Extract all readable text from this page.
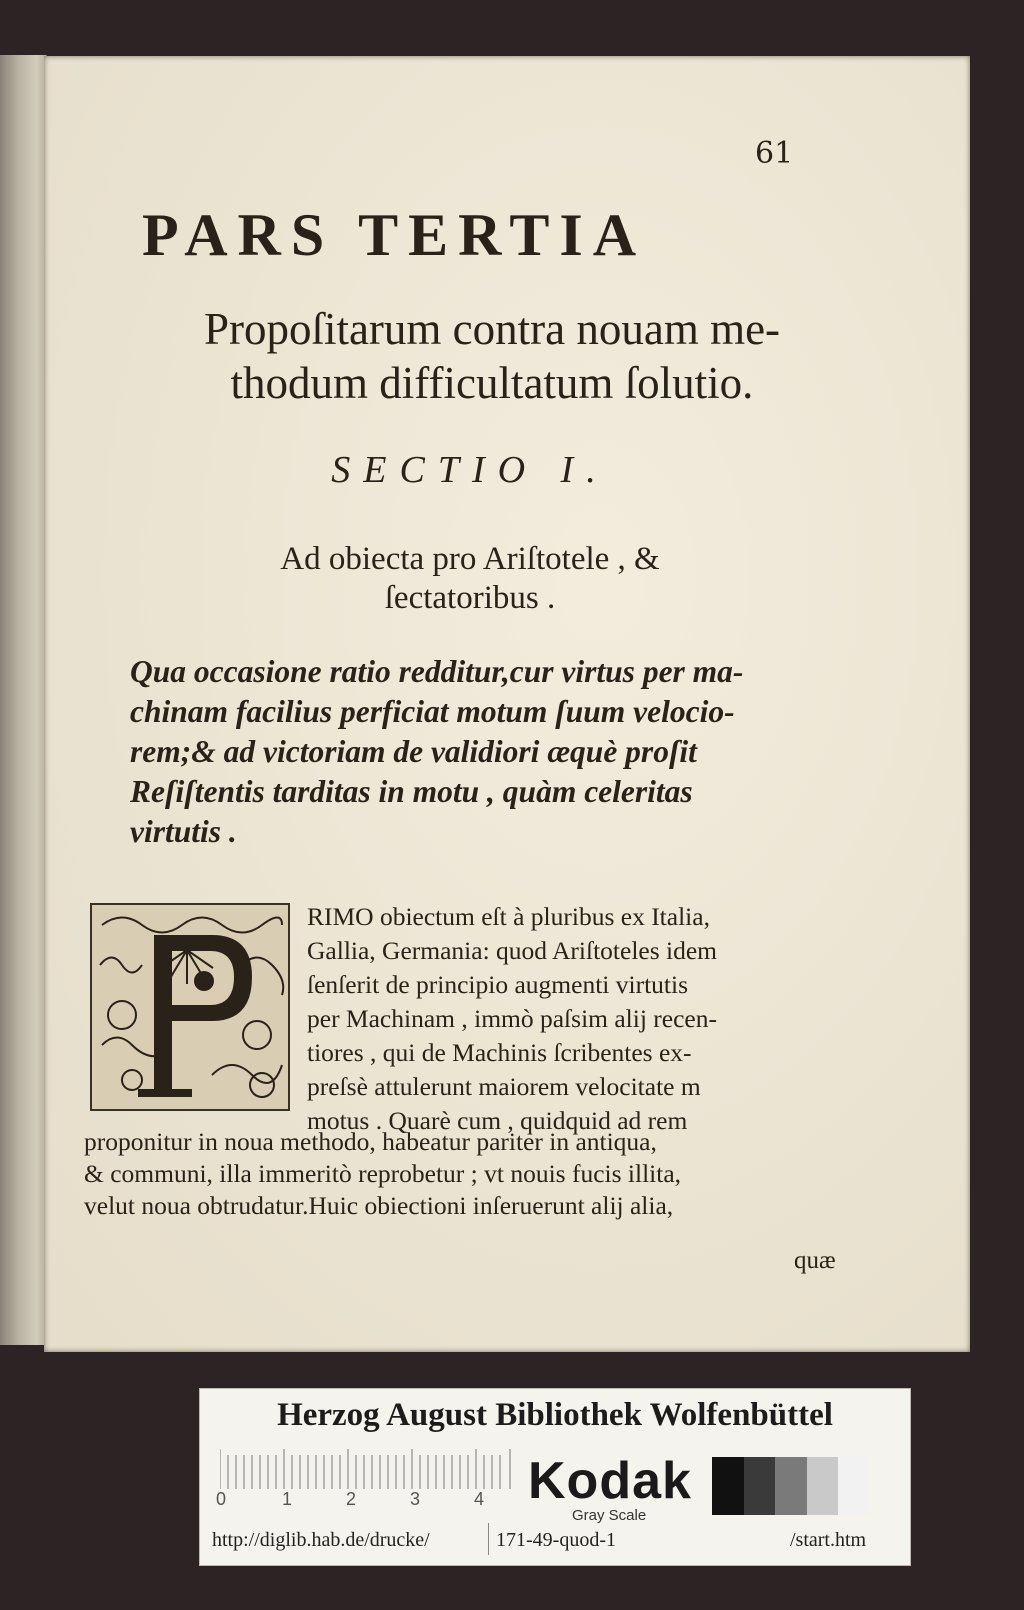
61
PARS TERTIA
Propoſitarum contra nouam me-
thodum difficultatum ſolutio.
SECTIO I.
Ad obiecta pro Ariſtotele , &
ſectatoribus .
Qua occasione ratio redditur,cur virtus per ma-
chinam facilius perficiat motum ſuum velocio-
rem;& ad victoriam de validiori æquè proſit
Reſiſtentis tarditas in motu , quàm celeritas
virtutis .
RIMO obiectum eſt à pluribus ex Italia,
Gallia, Germania: quod Ariſtoteles idem
ſenſerit de principio augmenti virtutis
per Machinam , immò paſsim alij recen-
tiores , qui de Machinis ſcribentes ex-
preſsè attulerunt maiorem velocitate m
motus . Quarè cum , quidquid ad rem
proponitur in noua methodo, habeatur pariter in antiqua,
& communi, illa immeritò reprobetur ; vt nouis fucis illita,
velut noua obtrudatur.Huic obiectioni inſeruerunt alij alia,
quæ
Herzog August Bibliothek Wolfenbüttel
0	1	2	3	4 Kodak
Gray Scale
http://diglib.hab.de/drucke/	171-49-quod-1	/start.htm
